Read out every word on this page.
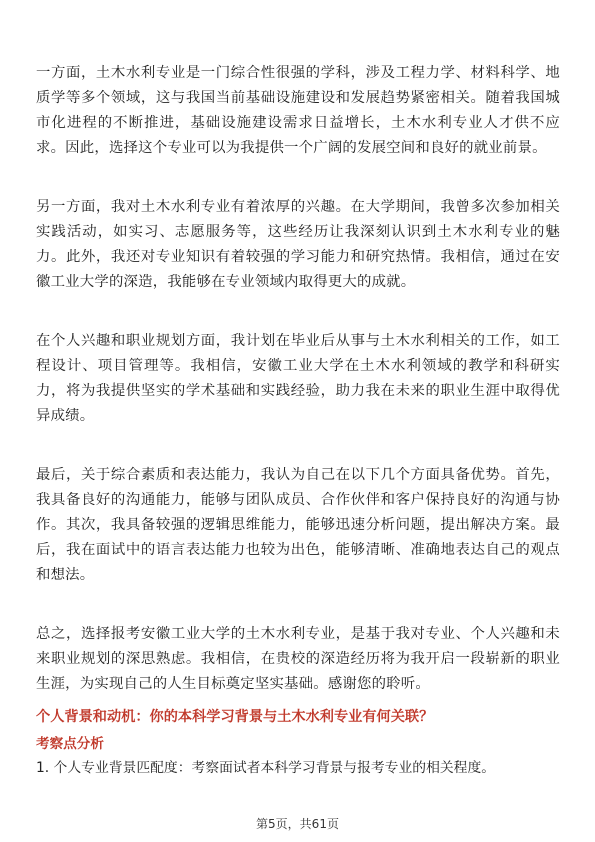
一方面，土木水利专业是一门综合性很强的学科，涉及工程力学、材料科学、地质学等多个领域，这与我国当前基础设施建设和发展趋势紧密相关。随着我国城市化进程的不断推进，基础设施建设需求日益增长，土木水利专业人才供不应求。因此，选择这个专业可以为我提供一个广阔的发展空间和良好的就业前景。

另一方面，我对土木水利专业有着浓厚的兴趣。在大学期间，我曾多次参加相关实践活动，如实习、志愿服务等，这些经历让我深刻认识到土木水利专业的魅力。此外，我还对专业知识有着较强的学习能力和研究热情。我相信，通过在安徽工业大学的深造，我能够在专业领域内取得更大的成就。

在个人兴趣和职业规划方面，我计划在毕业后从事与土木水利相关的工作，如工程设计、项目管理等。我相信，安徽工业大学在土木水利领域的教学和科研实力，将为我提供坚实的学术基础和实践经验，助力我在未来的职业生涯中取得优异成绩。

最后，关于综合素质和表达能力，我认为自己在以下几个方面具备优势。首先，我具备良好的沟通能力，能够与团队成员、合作伙伴和客户保持良好的沟通与协作。其次，我具备较强的逻辑思维能力，能够迅速分析问题，提出解决方案。最后，我在面试中的语言表达能力也较为出色，能够清晰、准确地表达自己的观点和想法。

总之，选择报考安徽工业大学的土木水利专业，是基于我对专业、个人兴趣和未来职业规划的深思熟虑。我相信，在贵校的深造经历将为我开启一段崭新的职业生涯，为实现自己的人生目标奠定坚实基础。感谢您的聆听。

个人背景和动机：你的本科学习背景与土木水利专业有何关联？

考察点分析

1. 个人专业背景匹配度：考察面试者本科学习背景与报考专业的相关程度。

第5页，共61页
